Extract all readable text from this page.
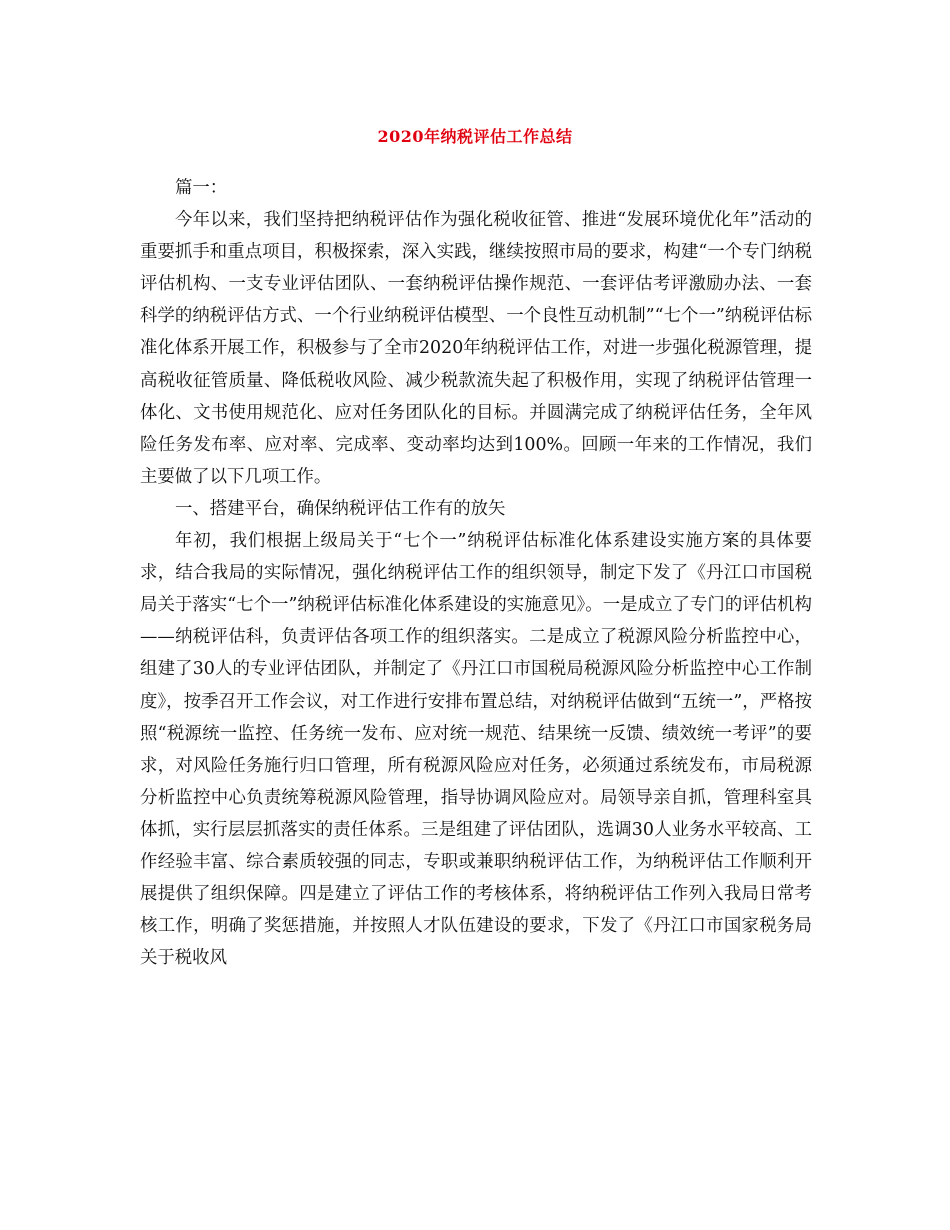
2020年纳税评估工作总结

篇一：

今年以来，我们坚持把纳税评估作为强化税收征管、推进“发展环境优化年”活动的重要抓手和重点项目，积极探索，深入实践，继续按照市局的要求，构建“一个专门纳税评估机构、一支专业评估团队、一套纳税评估操作规范、一套评估考评激励办法、一套科学的纳税评估方式、一个行业纳税评估模型、一个良性互动机制”“七个一”纳税评估标准化体系开展工作，积极参与了全市2020年纳税评估工作，对进一步强化税源管理，提高税收征管质量、降低税收风险、减少税款流失起了积极作用，实现了纳税评估管理一体化、文书使用规范化、应对任务团队化的目标。并圆满完成了纳税评估任务，全年风险任务发布率、应对率、完成率、变动率均达到100%。回顾一年来的工作情况，我们主要做了以下几项工作。

一、搭建平台，确保纳税评估工作有的放矢

年初，我们根据上级局关于“七个一”纳税评估标准化体系建设实施方案的具体要求，结合我局的实际情况，强化纳税评估工作的组织领导，制定下发了《丹江口市国税局关于落实“七个一”纳税评估标准化体系建设的实施意见》。一是成立了专门的评估机构——纳税评估科，负责评估各项工作的组织落实。二是成立了税源风险分析监控中心，组建了30人的专业评估团队，并制定了《丹江口市国税局税源风险分析监控中心工作制度》，按季召开工作会议，对工作进行安排布置总结，对纳税评估做到“五统一”，严格按照“税源统一监控、任务统一发布、应对统一规范、结果统一反馈、绩效统一考评”的要求，对风险任务施行归口管理，所有税源风险应对任务，必须通过系统发布，市局税源分析监控中心负责统筹税源风险管理，指导协调风险应对。局领导亲自抓，管理科室具体抓，实行层层抓落实的责任体系。三是组建了评估团队，选调30人业务水平较高、工作经验丰富、综合素质较强的同志，专职或兼职纳税评估工作，为纳税评估工作顺利开展提供了组织保障。四是建立了评估工作的考核体系，将纳税评估工作列入我局日常考核工作，明确了奖惩措施，并按照人才队伍建设的要求，下发了《丹江口市国家税务局关于税收风
